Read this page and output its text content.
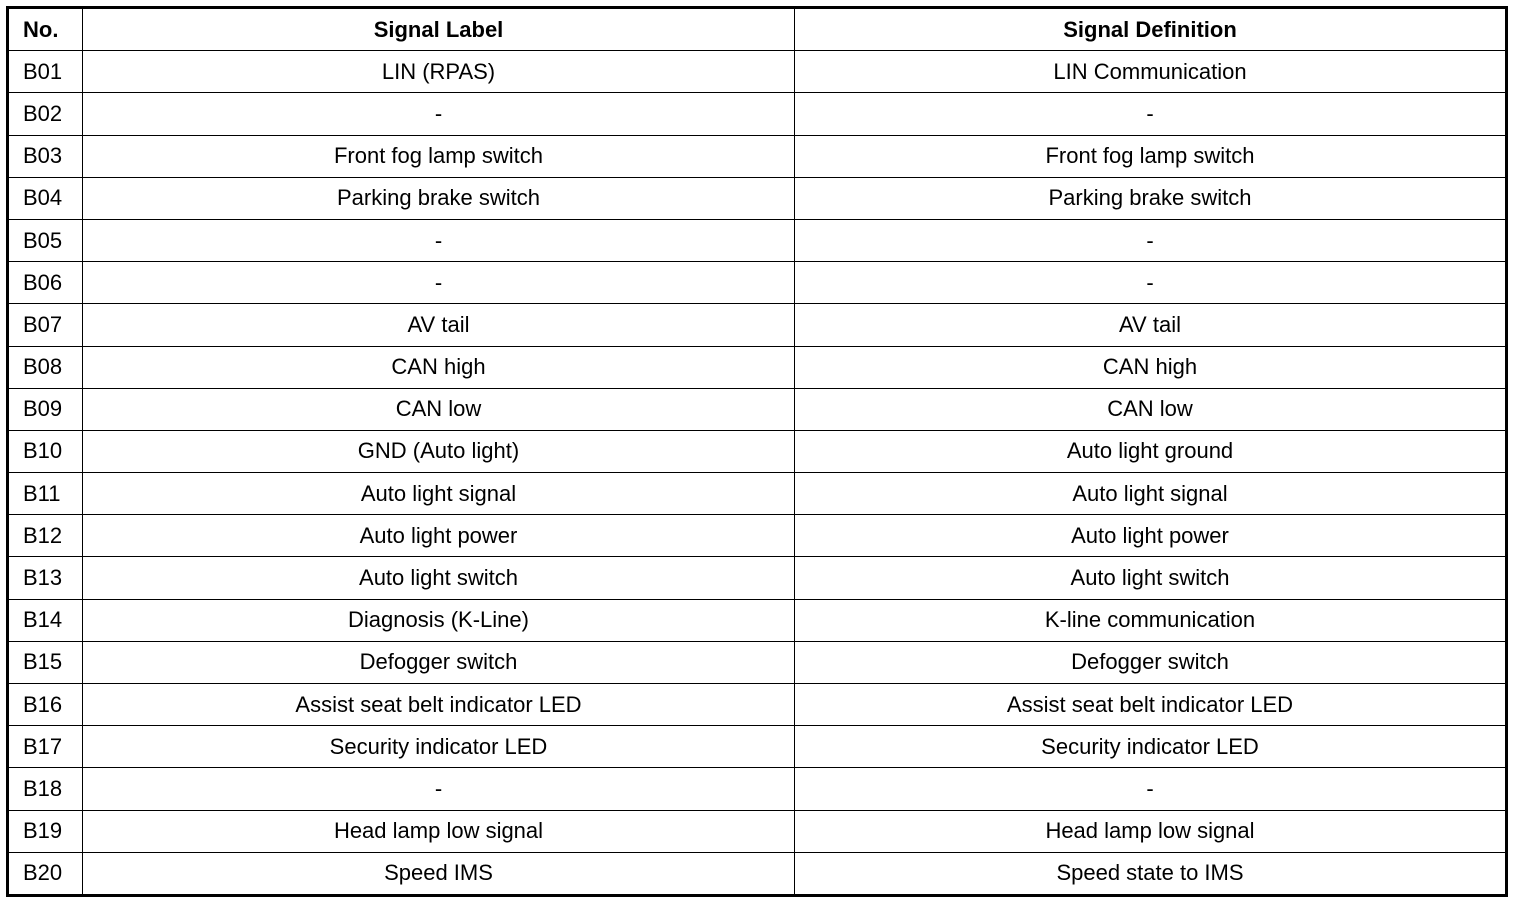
No.	Signal Label	Signal Definition
B01	LIN (RPAS)	LIN Communication
B02	-	-
B03	Front fog lamp switch	Front fog lamp switch
B04	Parking brake switch	Parking brake switch
B05	-	-
B06	-	-
B07	AV tail	AV tail
B08	CAN high	CAN high
B09	CAN low	CAN low
B10	GND (Auto light)	Auto light ground
B11	Auto light signal	Auto light signal
B12	Auto light power	Auto light power
B13	Auto light switch	Auto light switch
B14	Diagnosis (K-Line)	K-line communication
B15	Defogger switch	Defogger switch
B16	Assist seat belt indicator LED	Assist seat belt indicator LED
B17	Security indicator LED	Security indicator LED
B18	-	-
B19	Head lamp low signal	Head lamp low signal
B20	Speed IMS	Speed state to IMS
